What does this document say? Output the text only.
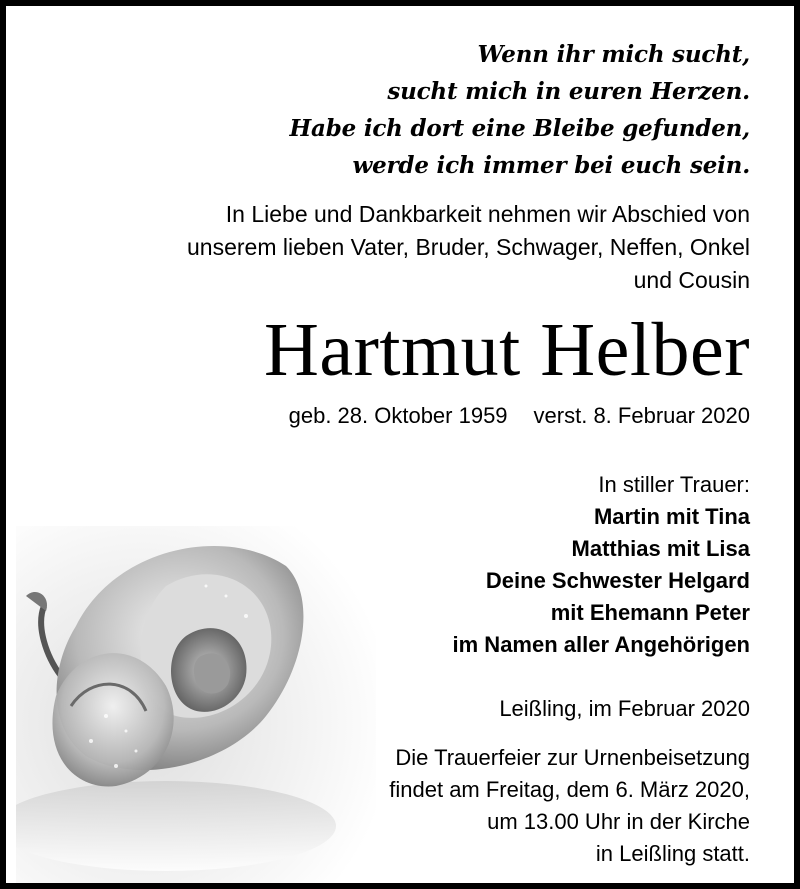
Wenn ihr mich sucht,
sucht mich in euren Herzen.
Habe ich dort eine Bleibe gefunden,
werde ich immer bei euch sein.
In Liebe und Dankbarkeit nehmen wir Abschied von
unserem lieben Vater, Bruder, Schwager, Neffen, Onkel
und Cousin
Hartmut Helber
geb. 28. Oktober 1959 verst. 8. Februar 2020
In stiller Trauer:
Martin mit Tina
Matthias mit Lisa
Deine Schwester Helgard
mit Ehemann Peter
im Namen aller Angehörigen
Leißling, im Februar 2020
Die Trauerfeier zur Urnenbeisetzung
findet am Freitag, dem 6. März 2020,
um 13.00 Uhr in der Kirche
in Leißling statt.
